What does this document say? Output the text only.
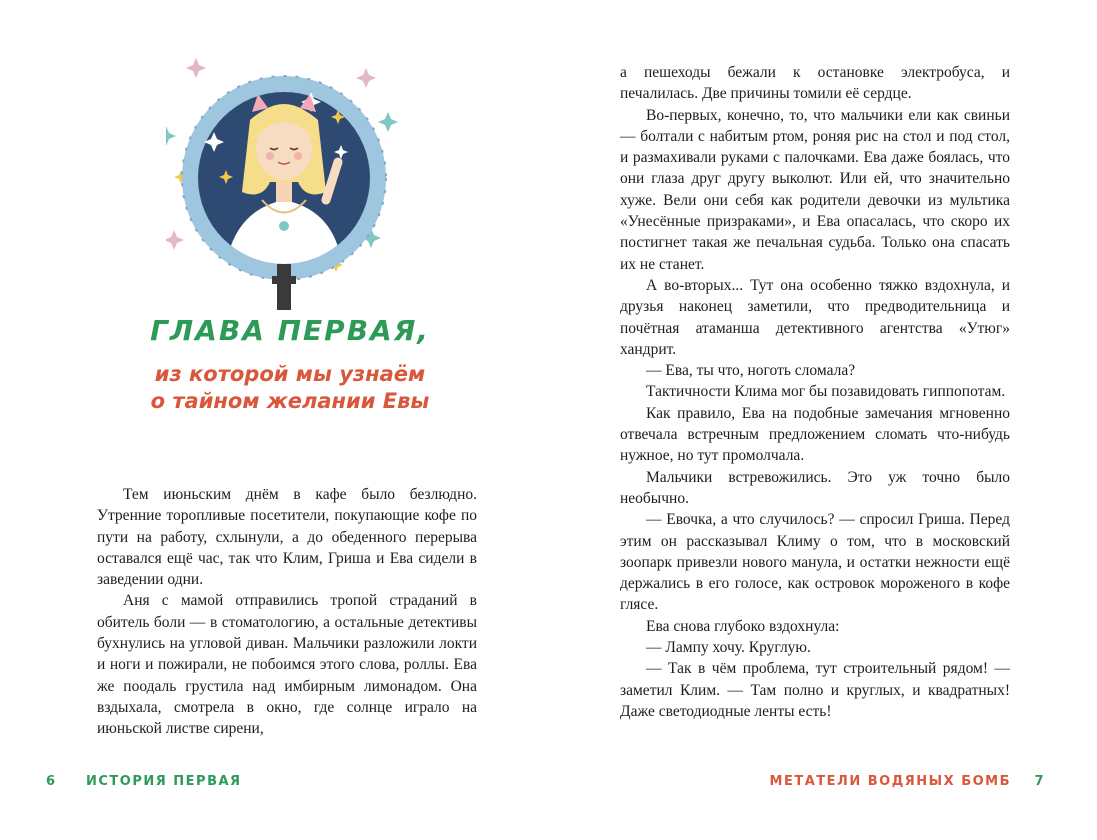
ГЛАВА ПЕРВАЯ,
из которой мы узнаём
о тайном желании Евы

Тем июньским днём в кафе было безлюдно. Утренние торопливые посетители, покупающие кофе по пути на работу, схлынули, а до обеденного перерыва оставался ещё час, так что Клим, Гриша и Ева сидели в заведении одни.

Аня с мамой отправились тропой страданий в обитель боли — в стоматологию, а остальные детективы бухнулись на угловой диван. Мальчики разложили локти и ноги и пожирали, не побоимся этого слова, роллы. Ева же поодаль грустила над имбирным лимонадом. Она вздыхала, смотрела в окно, где солнце играло на июньской листве сирени,

6 ИСТОРИЯ ПЕРВАЯ

а пешеходы бежали к остановке электробуса, и печалилась. Две причины томили её сердце.

Во-первых, конечно, то, что мальчики ели как свиньи — болтали с набитым ртом, роняя рис на стол и под стол, и размахивали руками с палочками. Ева даже боялась, что они глаза друг другу выколют. Или ей, что значительно хуже. Вели они себя как родители девочки из мультика «Унесённые призраками», и Ева опасалась, что скоро их постигнет такая же печальная судьба. Только она спасать их не станет.

А во-вторых... Тут она особенно тяжко вздохнула, и друзья наконец заметили, что предводительница и почётная атаманша детективного агентства «Утюг» хандрит.

— Ева, ты что, ноготь сломала?

Тактичности Клима мог бы позавидовать гиппопотам.

Как правило, Ева на подобные замечания мгновенно отвечала встречным предложением сломать что-нибудь нужное, но тут промолчала.

Мальчики встревожились. Это уж точно было необычно.

— Евочка, а что случилось? — спросил Гриша. Перед этим он рассказывал Климу о том, что в московский зоопарк привезли нового манула, и остатки нежности ещё держались в его голосе, как островок мороженого в кофе глясе.

Ева снова глубоко вздохнула:

— Лампу хочу. Круглую.

— Так в чём проблема, тут строительный рядом! — заметил Клим. — Там полно и круглых, и квадратных! Даже светодиодные ленты есть!

МЕТАТЕЛИ ВОДЯНЫХ БОМБ 7
